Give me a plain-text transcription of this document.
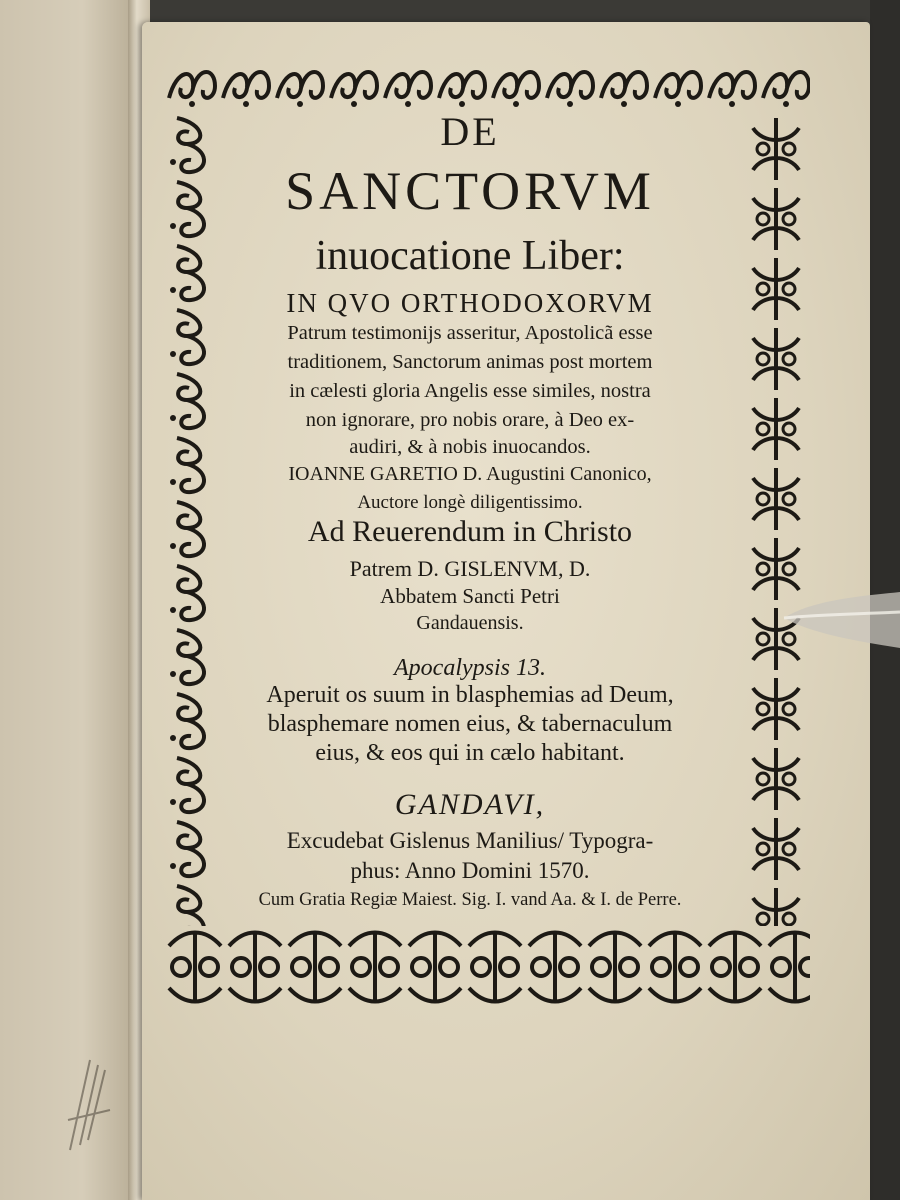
DE
SANCTORVM
inuocatione Liber:
IN QVO ORTHODOXORVM
Patrum testimonijs asseritur, Apostolicã esse
traditionem, Sanctorum animas post mortem
in cælesti gloria Angelis esse similes, nostra
non ignorare, pro nobis orare, à Deo ex-
audiri, & à nobis inuocandos.
IOANNE GARETIO D. Augustini Canonico,
Auctore longè diligentissimo.
Ad Reuerendum in Christo
Patrem D. GISLENVM, D.
Abbatem Sancti Petri
Gandauensis.
Apocalypsis 13.
Aperuit os suum in blasphemias ad Deum,
blasphemare nomen eius, & tabernaculum
eius, & eos qui in cælo habitant.
GANDAVI,
Excudebat Gislenus Manilius/ Typogra-
phus: Anno Domini 1570.
Cum Gratia Regiæ Maiest. Sig. I. vand Aa. & I. de Perre.
